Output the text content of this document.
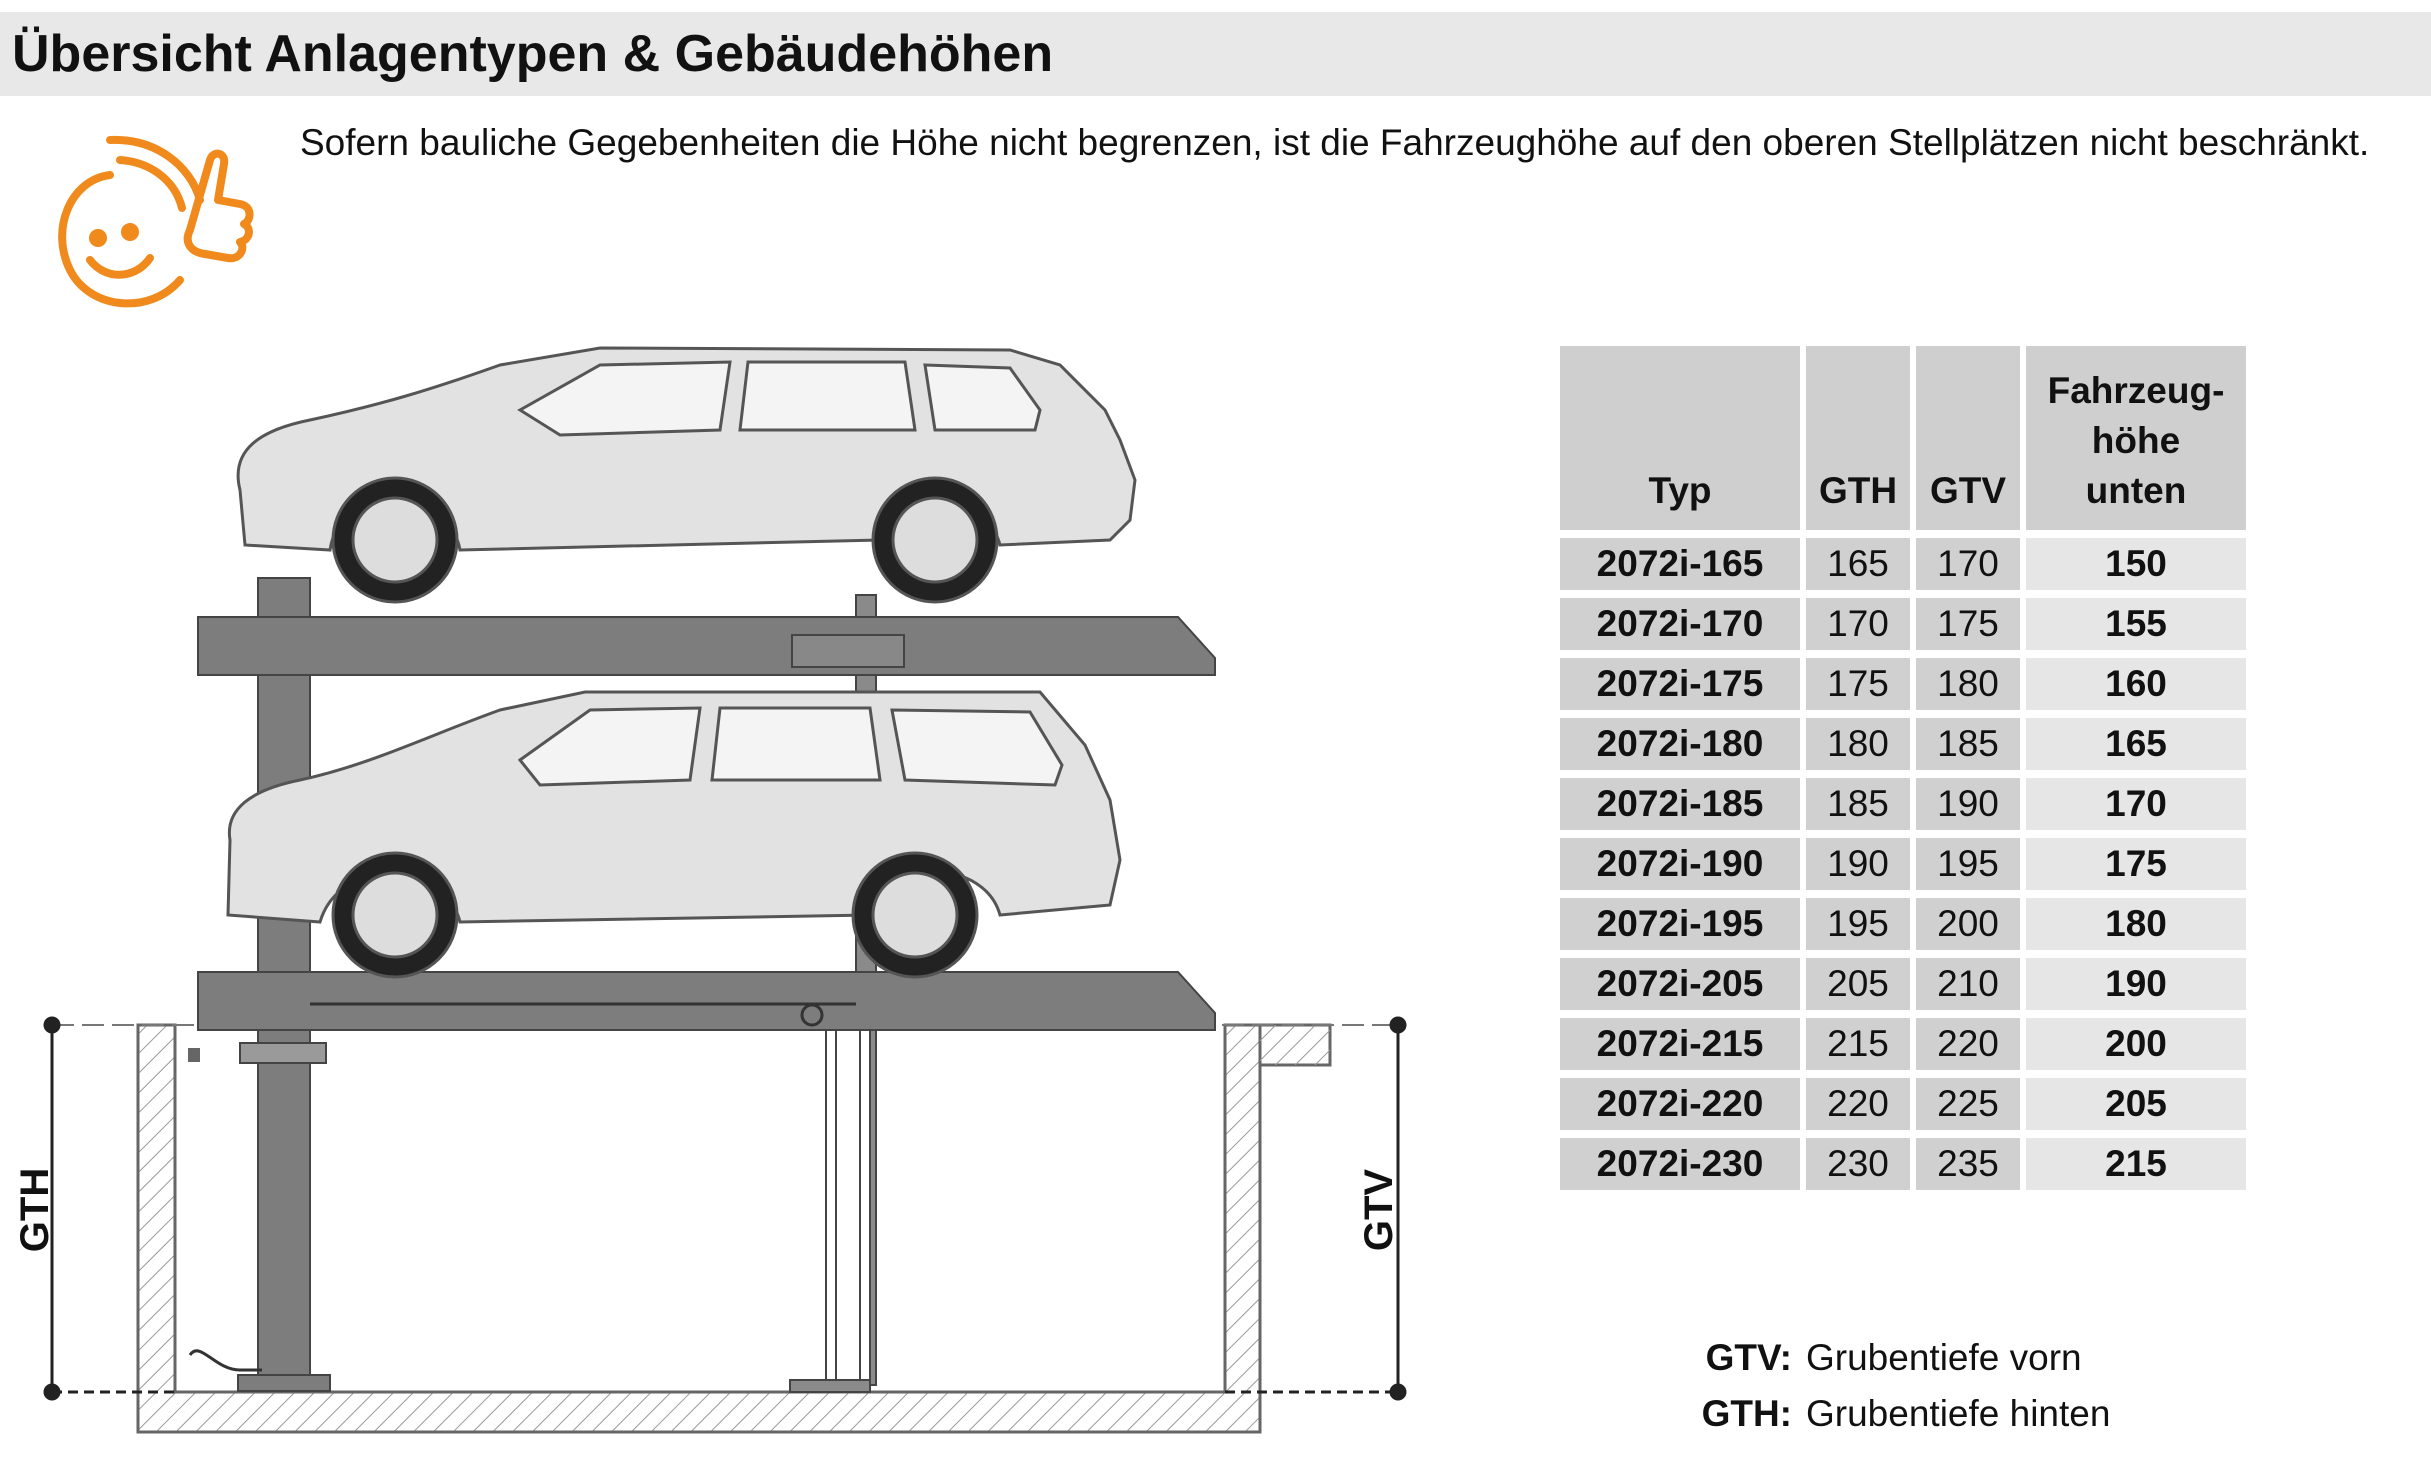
Übersicht Anlagentypen & Gebäudehöhen
Sofern bauliche Gegebenheiten die Höhe nicht begrenzen, ist die Fahrzeughöhe auf den oberen Stellplätzen nicht beschränkt.
GTH	GTV
Typ	GTH	GTV	Fahrzeug-
höhe
unten
2072i-165	165	170	150
2072i-170	170	175	155
2072i-175	175	180	160
2072i-180	180	185	165
2072i-185	185	190	170
2072i-190	190	195	175
2072i-195	195	200	180
2072i-205	205	210	190
2072i-215	215	220	200
2072i-220	220	225	205
2072i-230	230	235	215
GTV: Grubentiefe vorn
GTH: Grubentiefe hinten
